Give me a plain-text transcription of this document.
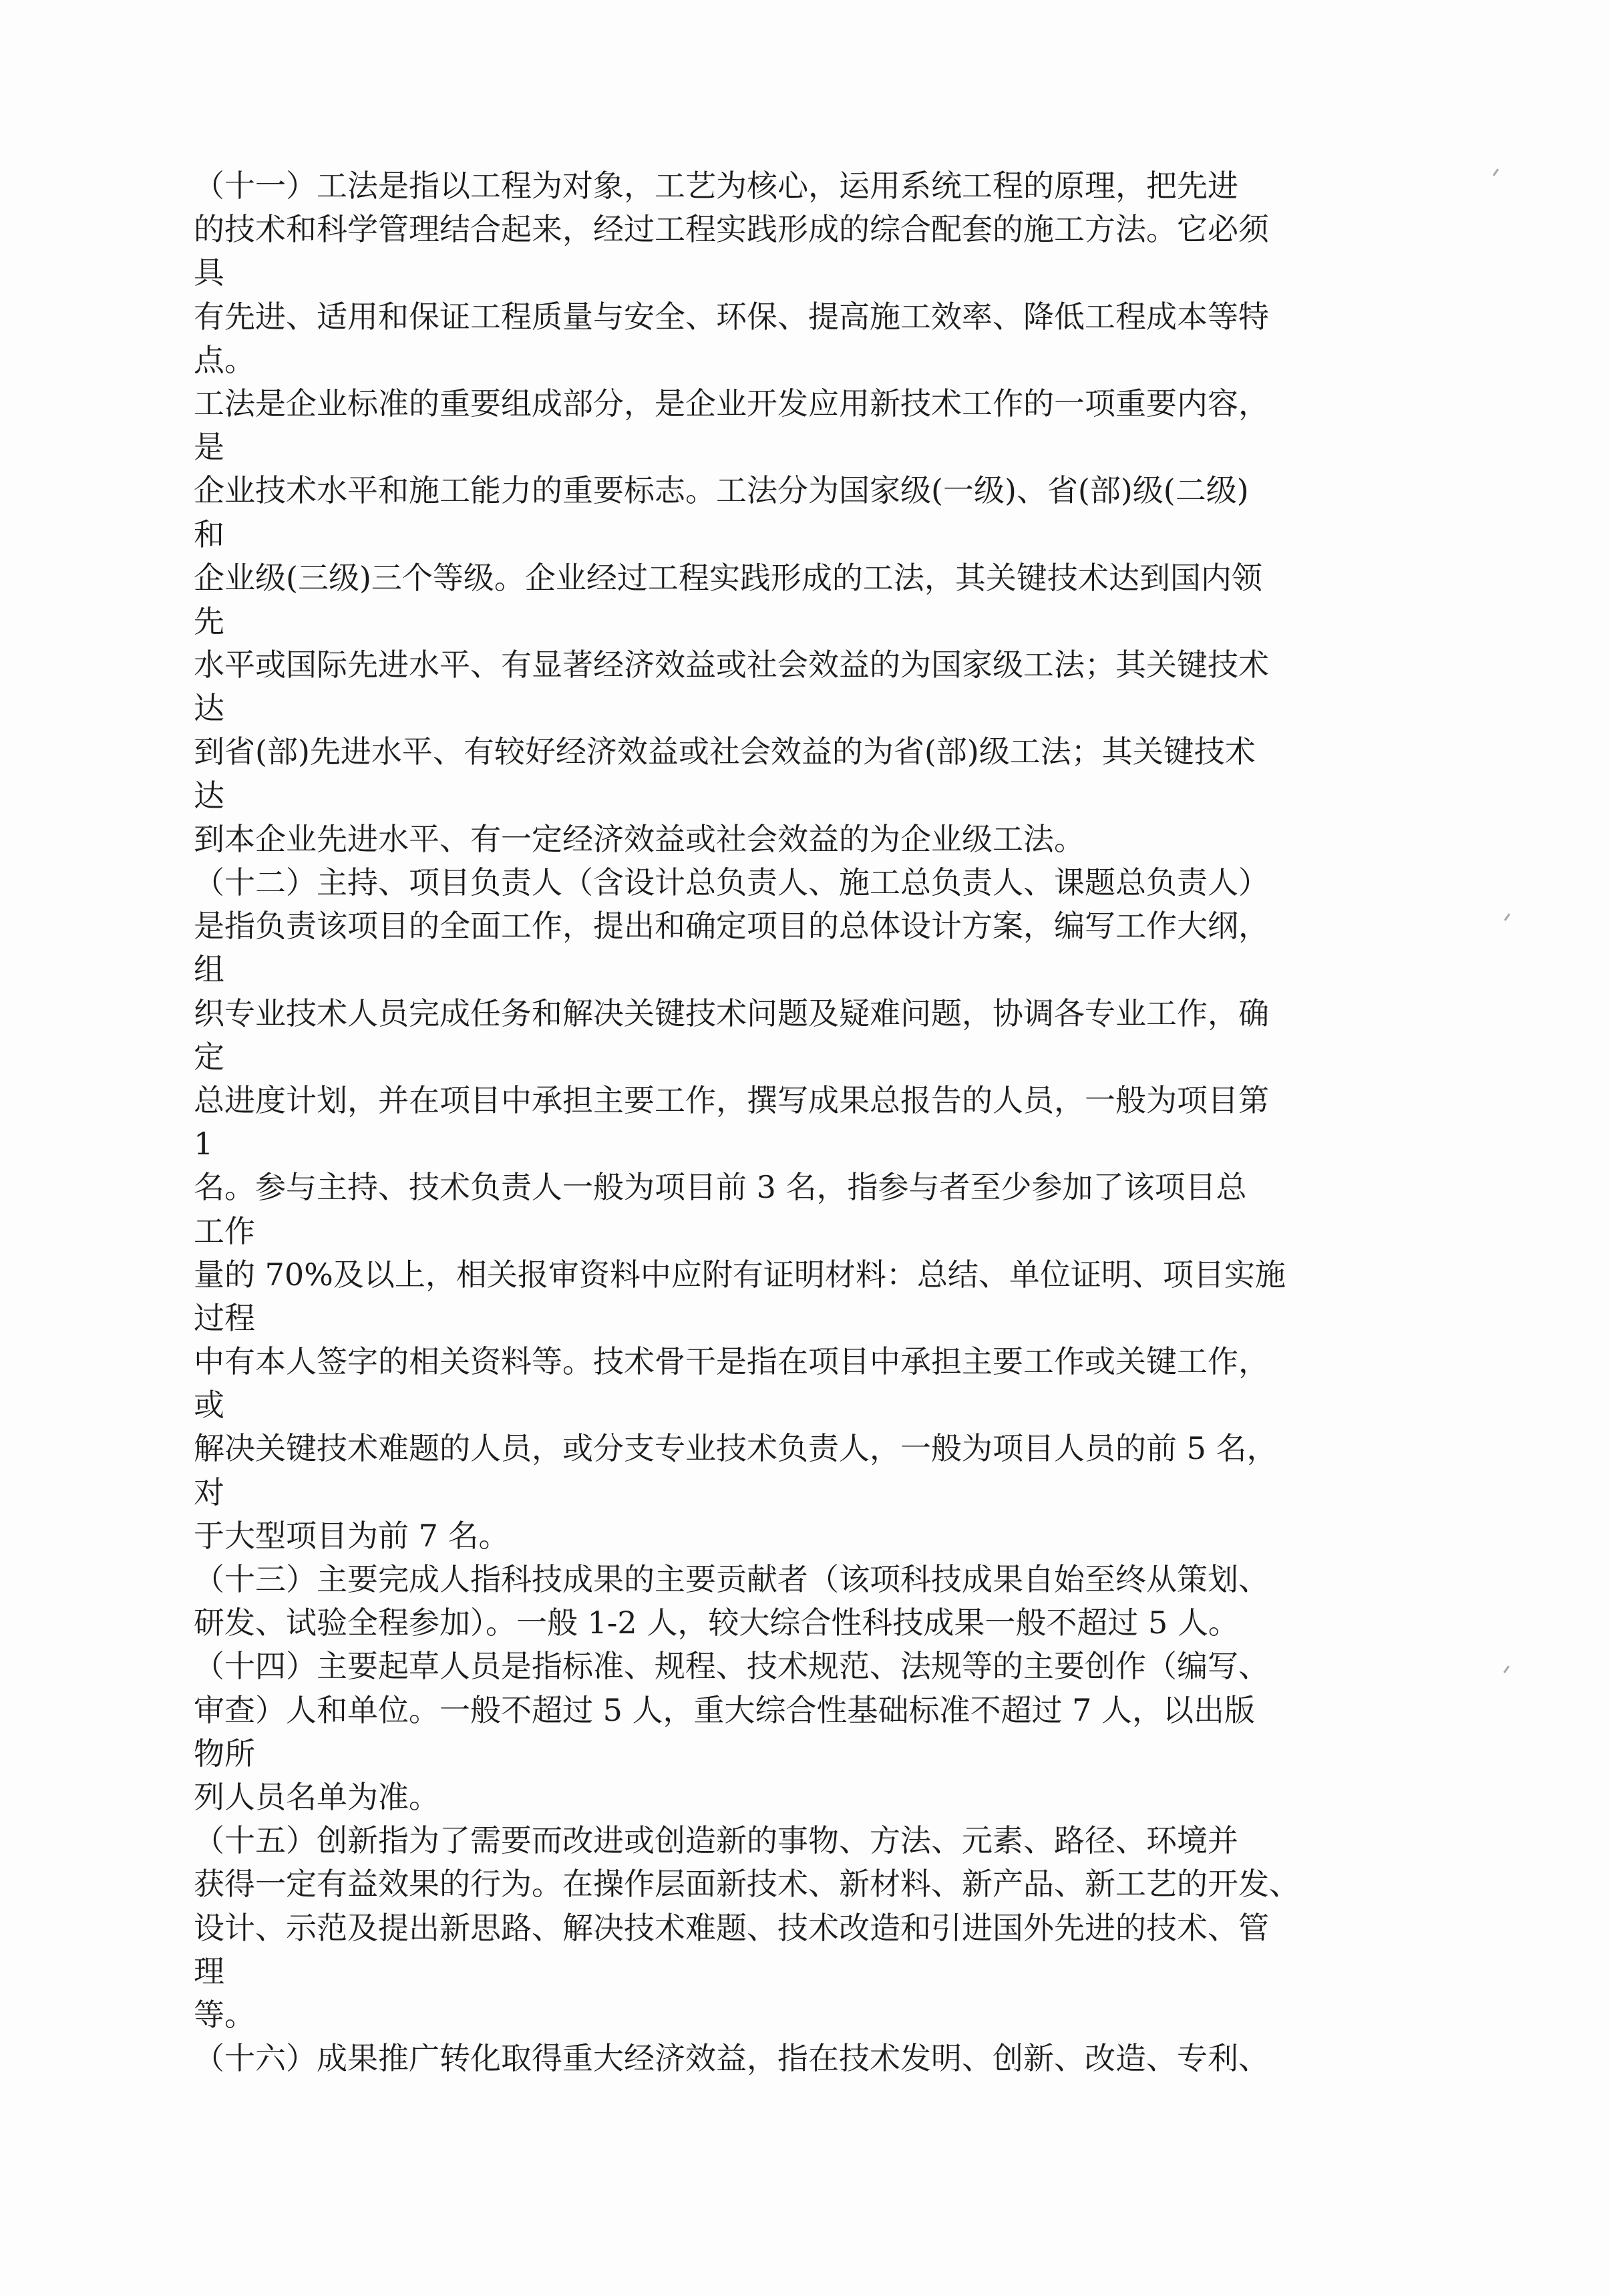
（十一）工法是指以工程为对象，工艺为核心，运用系统工程的原理，把先进
的技术和科学管理结合起来，经过工程实践形成的综合配套的施工方法。它必须
具
有先进、适用和保证工程质量与安全、环保、提高施工效率、降低工程成本等特
点。
工法是企业标准的重要组成部分，是企业开发应用新技术工作的一项重要内容，
是
企业技术水平和施工能力的重要标志。工法分为国家级(一级)、省(部)级(二级)
和
企业级(三级)三个等级。企业经过工程实践形成的工法，其关键技术达到国内领
先
水平或国际先进水平、有显著经济效益或社会效益的为国家级工法；其关键技术
达
到省(部)先进水平、有较好经济效益或社会效益的为省(部)级工法；其关键技术
达
到本企业先进水平、有一定经济效益或社会效益的为企业级工法。
（十二）主持、项目负责人（含设计总负责人、施工总负责人、课题总负责人）
是指负责该项目的全面工作，提出和确定项目的总体设计方案，编写工作大纲，
组
织专业技术人员完成任务和解决关键技术问题及疑难问题，协调各专业工作，确
定
总进度计划，并在项目中承担主要工作，撰写成果总报告的人员，一般为项目第
1
名。参与主持、技术负责人一般为项目前 3 名，指参与者至少参加了该项目总
工作
量的 70%及以上，相关报审资料中应附有证明材料：总结、单位证明、项目实施
过程
中有本人签字的相关资料等。技术骨干是指在项目中承担主要工作或关键工作，
或
解决关键技术难题的人员，或分支专业技术负责人，一般为项目人员的前 5 名，
对
于大型项目为前 7 名。
（十三）主要完成人指科技成果的主要贡献者（该项科技成果自始至终从策划、
研发、试验全程参加）。一般 1-2 人，较大综合性科技成果一般不超过 5 人。
（十四）主要起草人员是指标准、规程、技术规范、法规等的主要创作（编写、
审查）人和单位。一般不超过 5 人，重大综合性基础标准不超过 7 人，以出版
物所
列人员名单为准。
（十五）创新指为了需要而改进或创造新的事物、方法、元素、路径、环境并
获得一定有益效果的行为。在操作层面新技术、新材料、新产品、新工艺的开发、
设计、示范及提出新思路、解决技术难题、技术改造和引进国外先进的技术、管
理
等。
（十六）成果推广转化取得重大经济效益，指在技术发明、创新、改造、专利、
